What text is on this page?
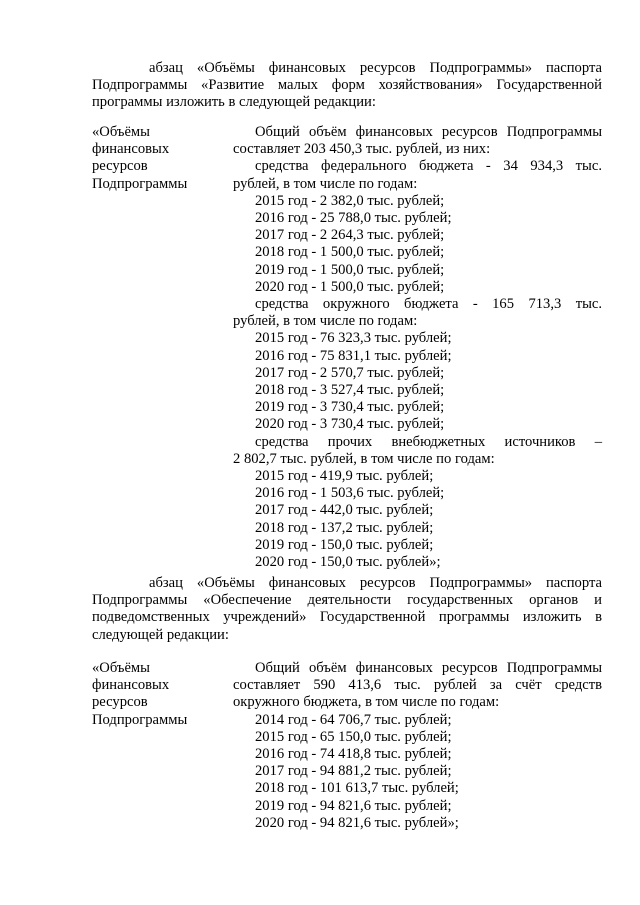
абзац «Объёмы финансовых ресурсов Подпрограммы» паспорта Подпрограммы «Развитие малых форм хозяйствования» Государственной программы изложить в следующей редакции:

«Объёмы
финансовых
ресурсов
Подпрограммы
Общий объём финансовых ресурсов Подпрограммы
составляет 203 450,3 тыс. рублей, из них:
средства федерального бюджета - 34 934,3 тыс.
рублей, в том числе по годам:
2015 год - 2 382,0 тыс. рублей;
2016 год - 25 788,0 тыс. рублей;
2017 год - 2 264,3 тыс. рублей;
2018 год - 1 500,0 тыс. рублей;
2019 год - 1 500,0 тыс. рублей;
2020 год - 1 500,0 тыс. рублей;
средства окружного бюджета - 165 713,3 тыс.
рублей, в том числе по годам:
2015 год - 76 323,3 тыс. рублей;
2016 год - 75 831,1 тыс. рублей;
2017 год - 2 570,7 тыс. рублей;
2018 год - 3 527,4 тыс. рублей;
2019 год - 3 730,4 тыс. рублей;
2020 год - 3 730,4 тыс. рублей;
средства прочих внебюджетных источников –
2 802,7 тыс. рублей, в том числе по годам:
2015 год - 419,9 тыс. рублей;
2016 год - 1 503,6 тыс. рублей;
2017 год - 442,0 тыс. рублей;
2018 год - 137,2 тыс. рублей;
2019 год - 150,0 тыс. рублей;
2020 год - 150,0 тыс. рублей»;

абзац «Объёмы финансовых ресурсов Подпрограммы» паспорта Подпрограммы «Обеспечение деятельности государственных органов и подведомственных учреждений» Государственной программы изложить в следующей редакции:

«Объёмы
финансовых
ресурсов
Подпрограммы
Общий объём финансовых ресурсов Подпрограммы
составляет 590 413,6 тыс. рублей за счёт средств
окружного бюджета, в том числе по годам:
2014 год - 64 706,7 тыс. рублей;
2015 год - 65 150,0 тыс. рублей;
2016 год - 74 418,8 тыс. рублей;
2017 год - 94 881,2 тыс. рублей;
2018 год - 101 613,7 тыс. рублей;
2019 год - 94 821,6 тыс. рублей;
2020 год - 94 821,6 тыс. рублей»;
